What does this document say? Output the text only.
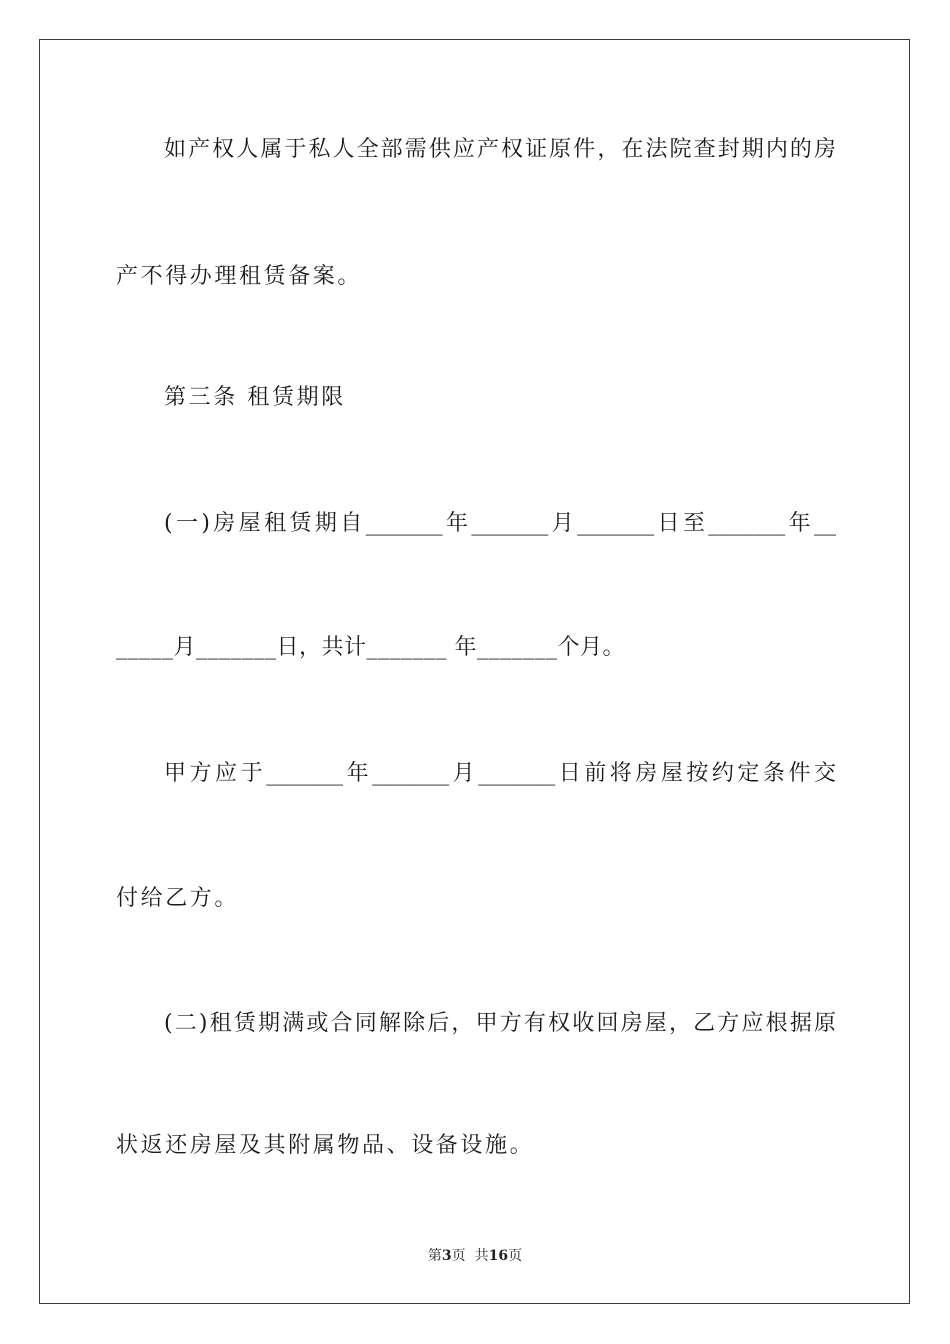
如产权人属于私人全部需供应产权证原件，在法院查封期内的房
产不得办理租赁备案。
第三条 租赁期限
(一)房屋租赁期自_______年_______月_______日至_______年__
_____月_______日，共计_______ 年_______个月。
甲方应于_______年_______月_______日前将房屋按约定条件交
付给乙方。
(二)租赁期满或合同解除后，甲方有权收回房屋，乙方应根据原
状返还房屋及其附属物品、设备设施。
第3页  共16页
